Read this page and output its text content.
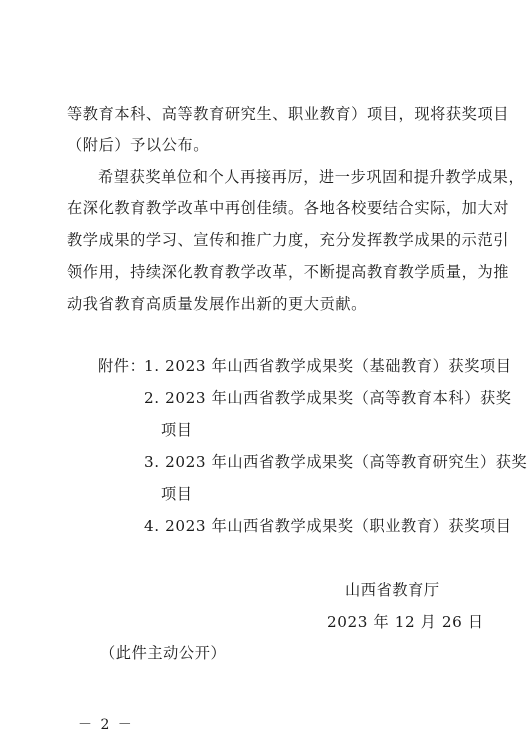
等教育本科、高等教育研究生、职业教育）项目，现将获奖项目
（附后）予以公布。
希望获奖单位和个人再接再厉，进一步巩固和提升教学成果，
在深化教育教学改革中再创佳绩。各地各校要结合实际，加大对
教学成果的学习、宣传和推广力度，充分发挥教学成果的示范引
领作用，持续深化教育教学改革，不断提高教育教学质量，为推
动我省教育高质量发展作出新的更大贡献。
附件：
1. 2023 年山西省教学成果奖（基础教育）获奖项目
2. 2023 年山西省教学成果奖（高等教育本科）获奖
项目
3. 2023 年山西省教学成果奖（高等教育研究生）获奖
项目
4. 2023 年山西省教学成果奖（职业教育）获奖项目
山西省教育厅
2023 年 12 月 26 日
（此件主动公开）
－ 2 －
